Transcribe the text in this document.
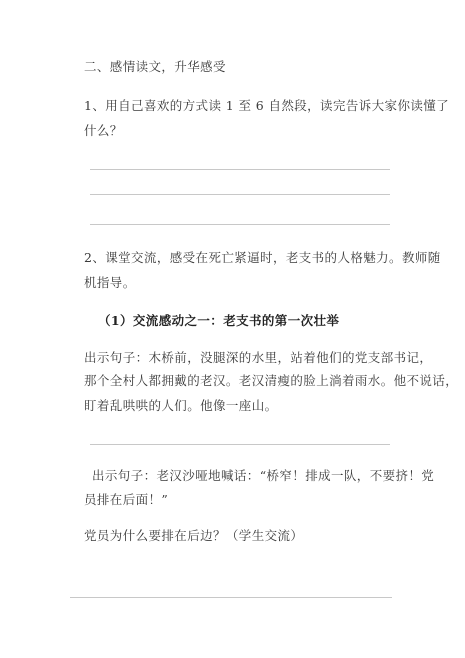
二、感情读文，升华感受
1、用自己喜欢的方式读 1 至 6 自然段，读完告诉大家你读懂了
什么？
2、课堂交流，感受在死亡紧逼时，老支书的人格魅力。教师随
机指导。
（1）交流感动之一：老支书的第一次壮举
出示句子：木桥前，没腿深的水里，站着他们的党支部书记，
那个全村人都拥戴的老汉。老汉清瘦的脸上淌着雨水。他不说话，
盯着乱哄哄的人们。他像一座山。
出示句子：老汉沙哑地喊话：“桥窄！排成一队，不要挤！党
员排在后面！”
党员为什么要排在后边？（学生交流）
